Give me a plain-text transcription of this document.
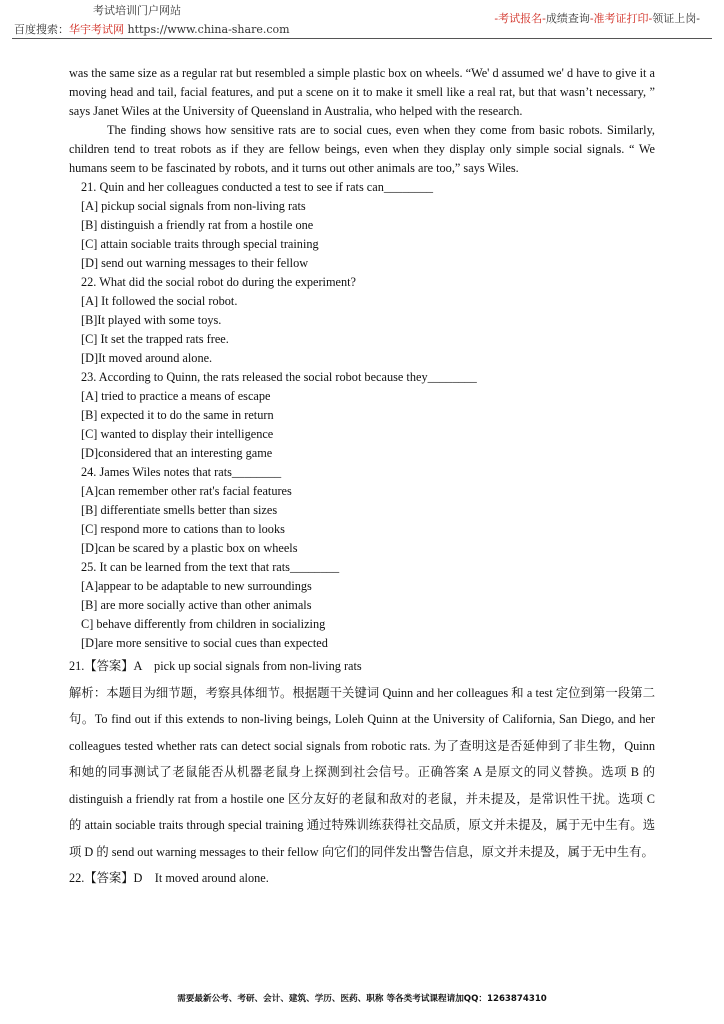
考试培训门户网站
百度搜索：华宇考试网 https://www.china-share.com
-考试报名-成绩查询-准考证打印-领证上岗-

was the same size as a regular rat but resembled a simple plastic box on wheels. “We' d assumed we' d have to give it a moving head and tail, facial features, and put a scene on it to make it smell like a real rat, but that wasn’t necessary, ” says Janet Wiles at the University of Queensland in Australia, who helped with the research.

The finding shows how sensitive rats are to social cues, even when they come from basic robots. Similarly, children tend to treat robots as if they are fellow beings, even when they display only simple social signals. “ We humans seem to be fascinated by robots, and it turns out other animals are too,” says Wiles.

21. Quin and her colleagues conducted a test to see if rats can________

[A] pickup social signals from non-living rats

[B] distinguish a friendly rat from a hostile one

[C] attain sociable traits through special training

[D] send out warning messages to their fellow

22. What did the social robot do during the experiment?

[A] It followed the social robot.

[B]It played with some toys.

[C] It set the trapped rats free.

[D]It moved around alone.

23. According to Quinn, the rats released the social robot because they________

[A] tried to practice a means of escape

[B] expected it to do the same in return

[C] wanted to display their intelligence

[D]considered that an interesting game

24. James Wiles notes that rats________

[A]can remember other rat's facial features

[B] differentiate smells better than sizes

[C] respond more to cations than to looks

[D]can be scared by a plastic box on wheels

25. It can be learned from the text that rats________

[A]appear to be adaptable to new surroundings

[B] are more socially active than other animals

C] behave differently from children in socializing

[D]are more sensitive to social cues than expected

21.【答案】A　pick up social signals from non-living rats

解析：本题目为细节题，考察具体细节。根据题干关键词 Quinn and her colleagues 和 a test 定位到第一段第二句。To find out if this extends to non-living beings, Loleh Quinn at the University of California, San Diego, and her colleagues tested whether rats can detect social signals from robotic rats. 为了查明这是否延伸到了非生物，Quinn 和她的同事测试了老鼠能否从机器老鼠身上探测到社会信号。正确答案 A 是原文的同义替换。选项 B 的 distinguish a friendly rat from a hostile one 区分友好的老鼠和敌对的老鼠，并未提及，是常识性干扰。选项 C 的 attain sociable traits through special training 通过特殊训练获得社交品质，原文并未提及，属于无中生有。选项 D 的 send out warning messages to their fellow 向它们的同伴发出警告信息，原文并未提及，属于无中生有。

22.【答案】D　It moved around alone.

需要最新公考、考研、会计、建筑、学历、医药、职称 等各类考试课程请加QQ：1263874310
